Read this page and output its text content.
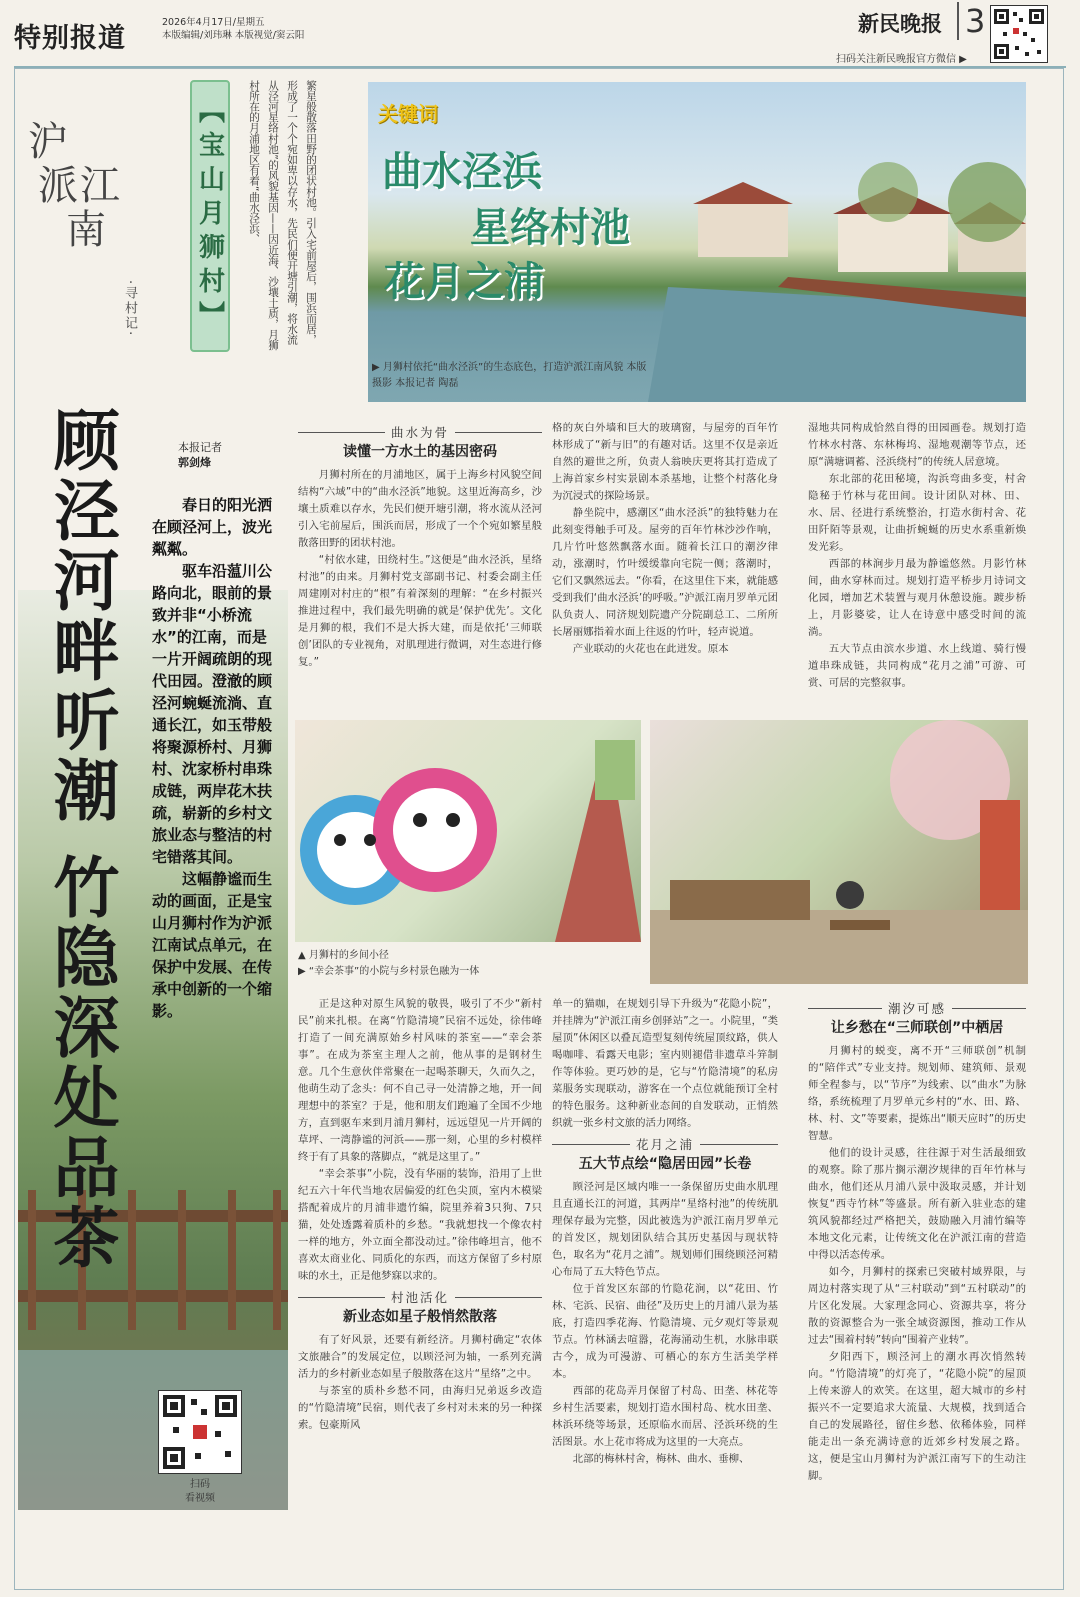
特别报道
2026年4月17日/星期五
本版编辑/刘玮琳 本版视觉/窦云阳	新民晚报 3
扫码关注新民晚报官方微信 ▶
沪
派 江
南
·寻村记· 【宝山月狮村】	繁星般散落田野的团状村池。引入宅前屋后，围浜而居，形成了一个个宛如卑以存水，先民们便开塘引潮，将水流从泾河星络村池”的风貌基因——因近海、沙壤土质，月狮村所在的月浦地区有着“曲水泾浜、	关键词
曲水泾浜
星络村池
花月之浦
▶ 月狮村依托“曲水泾浜”的生态底色，打造沪派江南风貌 本版摄影 本报记者 陶磊
顾泾河畔听潮 竹隐深处品茶	本报记者
郭剑烽

春日的阳光洒在顾泾河上，波光粼粼。

驱车沿蕰川公路向北，眼前的景致并非“小桥流水”的江南，而是一片开阔疏朗的现代田园。澄澈的顾泾河蜿蜒流淌、直通长江，如玉带般将聚源桥村、月狮村、沈家桥村串珠成链，两岸花木扶疏，崭新的乡村文旅业态与整洁的村宅错落其间。

这幅静谧而生动的画面，正是宝山月狮村作为沪派江南试点单元，在保护中发展、在传承中创新的一个缩影。

曲水为骨
读懂一方水土的基因密码

月狮村所在的月浦地区，属于上海乡村风貌空间结构“六域”中的“曲水泾浜”地貌。这里近海高乡，沙壤土质难以存水，先民们便开塘引潮，将水流从泾河引入宅前屋后，围浜而居，形成了一个个宛如繁星般散落田野的团状村池。

“村依水建，田绕村生。”这便是“曲水泾浜，星络村池”的由来。月狮村党支部副书记、村委会副主任周建刚对村庄的“根”有着深刻的理解：“在乡村振兴推进过程中，我们最先明确的就是‘保护优先’。文化是月狮的根，我们不是大拆大建，而是依托‘三师联创’团队的专业视角，对肌理进行微调，对生态进行修复。”

格的灰白外墙和巨大的玻璃窗，与屋旁的百年竹林形成了“新与旧”的有趣对话。这里不仅是亲近自然的避世之所，负责人翁映庆更将其打造成了上海首家乡村实景剧本杀基地，让整个村落化身为沉浸式的探险场景。

静坐院中，感潮区“曲水泾浜”的独特魅力在此刻变得触手可及。屋旁的百年竹林沙沙作响，几片竹叶悠然飘落水面。随着长江口的潮汐律动，涨潮时，竹叶缓缓靠向宅院一侧；落潮时，它们又飘然远去。“你看，在这里住下来，就能感受到我们‘曲水泾浜’的呼吸。”沪派江南月罗单元团队负责人、同济规划院遗产分院副总工、二所所长屠丽娜指着水面上往返的竹叶，轻声说道。

产业联动的火花也在此迸发。原本

湿地共同构成恰然自得的田园画卷。规划打造竹林水村落、东林梅坞、湿地观潮等节点，还原“满塘调蓄、泾浜绕村”的传统人居意境。

东北部的花田秘境，沟浜弯曲多变，村舍隐秘于竹林与花田间。设计团队对林、田、水、居、径进行系统整治，打造水街村舍、花田阡陌等景观，让曲折蜿蜒的历史水系重新焕发光彩。

西部的林涧步月最为静谧悠然。月影竹林间，曲水穿林而过。规划打造平桥步月诗词文化园，增加艺术装置与观月休憩设施。踱步桥上，月影婆娑，让人在诗意中感受时间的流淌。

五大节点由滨水步道、水上线道、骑行慢道串珠成链，共同构成“花月之浦”可游、可赏、可居的完整叙事。

▲ 月狮村的乡间小径
▶ “幸会茶事”的小院与乡村景色融为一体

正是这种对原生风貌的敬畏，吸引了不少“新村民”前来扎根。在离“竹隐清境”民宿不远处，徐伟峰打造了一间充满原始乡村风味的茶室——“幸会茶事”。在成为茶室主理人之前，他从事的是钢材生意。几个生意伙伴常聚在一起喝茶聊天，久而久之，他萌生动了念头：何不自己寻一处清静之地，开一间理想中的茶室？于是，他和朋友们跑遍了全国不少地方，直到驱车来到月浦月狮村，远远望见一片开阔的草坪、一湾静谧的河浜——那一刻，心里的乡村模样终于有了具象的落脚点，“就是这里了。”

“幸会茶事”小院，没有华丽的装饰，沿用了上世纪五六十年代当地农居偏爱的红色尖顶，室内木模梁搭配着成片的月浦非遗竹编，院里养着3只狗、7只猫，处处透露着质朴的乡愁。“我就想找一个像农村一样的地方，外立面全都没动过。”徐伟峰坦言，他不喜欢太商业化、同质化的东西，而这方保留了乡村原味的水土，正是他梦寐以求的。

村池活化
新业态如星子般悄然散落

有了好风景，还要有新经济。月狮村确定“农体文旅融合”的发展定位，以顾泾河为轴，一系列充满活力的乡村新业态如星子般散落在这片“星络”之中。

与茶室的质朴乡愁不同，由海归兄弟返乡改造的“竹隐清境”民宿，则代表了乡村对未来的另一种探索。包豪斯风

单一的猫咖，在规划引导下升级为“花隐小院”，并挂牌为“沪派江南乡创驿站”之一。小院里，“类屋顶”休闲区以叠瓦造型复刻传统屋顶纹路，供人喝咖啡、看露天电影；室内则褪借非遗草斗笄制作等体验。更巧妙的是，它与“竹隐清境”的私房菜服务实现联动，游客在一个点位就能预订全村的特色服务。这种新业态间的自发联动，正悄然织就一张乡村文旅的活力网络。

花月之浦
五大节点绘“隐居田园”长卷

顾泾河是区域内唯一一条保留历史曲水肌理且直通长江的河道，其两岸“星络村池”的传统肌理保存最为完整，因此被选为沪派江南月罗单元的首发区，规划团队结合其历史基因与现状特色，取名为“花月之浦”。规划师们围绕顾泾河精心布局了五大特色节点。

位于首发区东部的竹隐花涧，以“花田、竹林、宅浜、民宿、曲径”及历史上的月浦八景为基底，打造四季花海、竹隐清境、元夕观灯等景观节点。竹林涵去喧嚣，花海涌动生机，水脉串联古今，成为可漫游、可栖心的东方生活美学样本。

西部的花岛弄月保留了村岛、田垄、林花等乡村生活要素，规划打造水围村岛、枕水田垄、林浜环绕等场景，还原临水而居、泾浜环绕的生活图景。水上花市将成为这里的一大亮点。

北部的梅林村舍，梅林、曲水、垂柳、

潮汐可感
让乡愁在“三师联创”中栖居

月狮村的蜕变，离不开“三师联创”机制的“陪伴式”专业支持。规划师、建筑师、景观师全程参与，以“节序”为线索、以“曲水”为脉络，系统梳理了月罗单元乡村的“水、田、路、林、村、文”等要素，提炼出“顺天应时”的历史智慧。

他们的设计灵感，往往源于对生活最细致的观察。除了那片搁示潮汐规律的百年竹林与曲水，他们还从月浦八景中汲取灵感，并计划恢复“西寺竹林”等盛景。所有新入驻业态的建筑风貌都经过严格把关，鼓励融入月浦竹编等本地文化元素，让传统文化在沪派江南的营造中得以活态传承。

如今，月狮村的探索已突破村域界限，与周边村落实现了从“三村联动”到“五村联动”的片区化发展。大家理念同心、资源共享，将分散的资源整合为一张全域资源图，推动工作从过去“围着村转”转向“围着产业转”。

夕阳西下，顾泾河上的潮水再次悄然转向。“竹隐清境”的灯亮了，“花隐小院”的屋顶上传来游人的欢笑。在这里，超大城市的乡村振兴不一定要追求大流量、大规模，找到适合自己的发展路径，留住乡愁、依稀体验，同样能走出一条充满诗意的近郊乡村发展之路。这，便是宝山月狮村为沪派江南写下的生动注脚。

扫码
看视频
